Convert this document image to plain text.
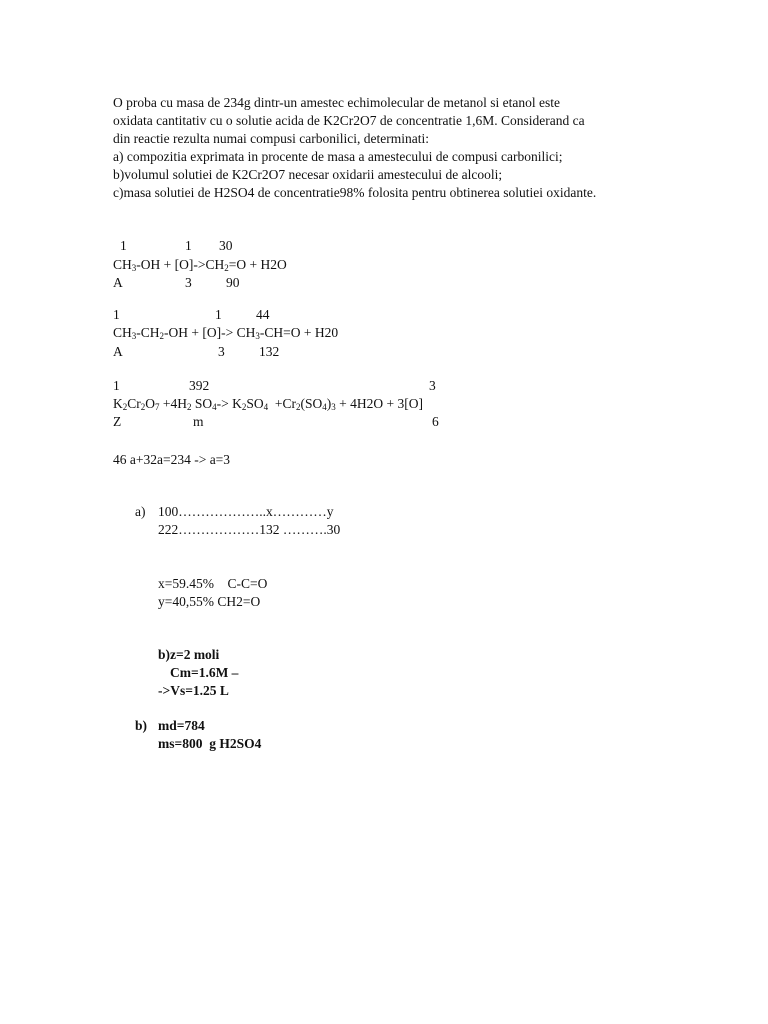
O proba cu masa de 234g dintr-un amestec echimolecular de metanol si etanol este
oxidata cantitativ cu o solutie acida de K2Cr2O7 de concentratie 1,6M. Considerand ca
din reactie rezulta numai compusi carbonilici, determinati:
a) compozitia exprimata in procente de masa a amestecului de compusi carbonilici;
b)volumul solutiei de K2Cr2O7 necesar oxidarii amestecului de alcooli;
c)masa solutiei de H2SO4 de concentratie98% folosita pentru obtinerea solutiei oxidante.
1	1 30
$CH_3-OH + [O]->CH_2=O + H2O$
A	3	90
1	1	44
$CH_3-CH_2-OH + [O]-> CH_3-CH=O + H20$
A	3	132
1	392	3
$K_2Cr_2O_7 +4H_2$ $SO_4-> K_2SO_4 +Cr_2(SO_4)_3 + 4H2O + 3[O]$
Z	m	6
46 a+32a=234 -> a=3
a) 100………………..x…………y
222………………132 ……….30
x=59.45%    C-C=O
y=40,55% CH2=O
b)z=2 moli
Cm=1.6M –
->Vs=1.25 L
b) md=784
ms=800  g H2SO4
